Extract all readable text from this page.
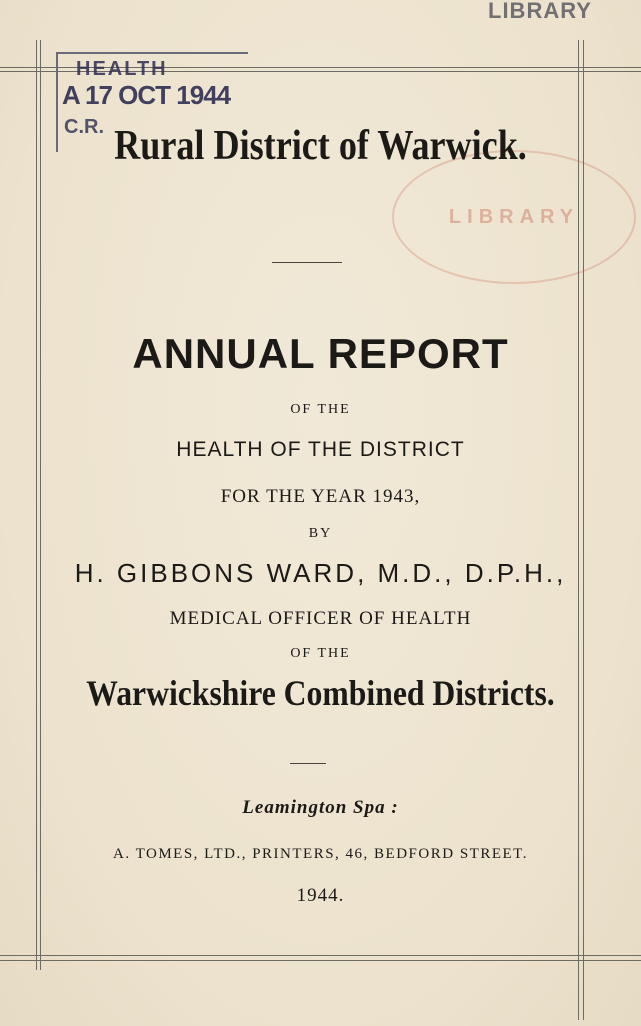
LIBRARY
HEALTH
A 17 OCT 1944
C.R.
LIBRARY
Rural District of Warwick.
ANNUAL REPORT
OF THE
HEALTH OF THE DISTRICT
FOR THE YEAR 1943,
BY
H. GIBBONS WARD, M.D., D.P.H.,
MEDICAL OFFICER OF HEALTH
OF THE
Warwickshire Combined Districts.
Leamington Spa :
A. TOMES, LTD., PRINTERS, 46, BEDFORD STREET.
1944.
